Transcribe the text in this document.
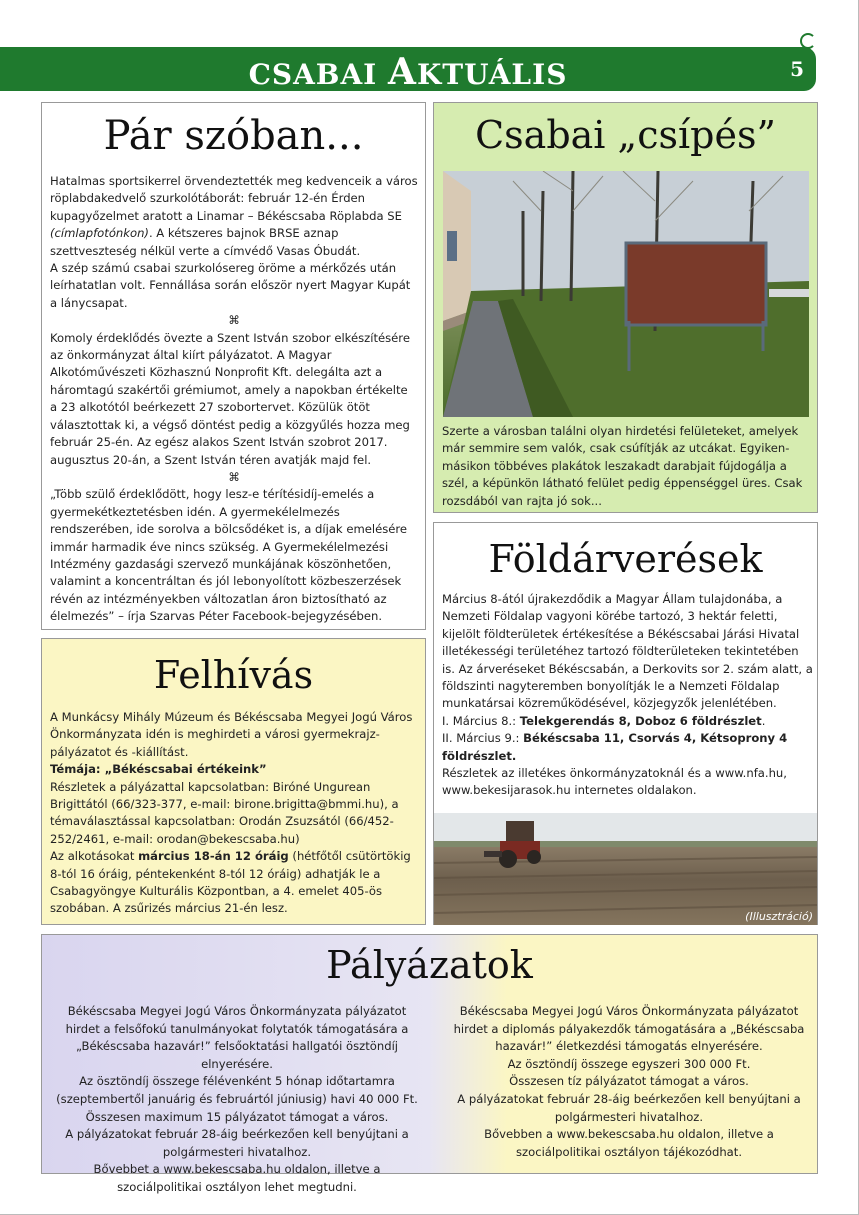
CSABAI AKTUÁLIS	5
Pár szóban...

Hatalmas sportsikerrel örvendeztették meg kedvenceik a város röplabdakedvelő szurkolótáborát: február 12-én Érden kupagyőzelmet aratott a Linamar – Békéscsaba Röplabda SE (címlapfotónkon). A kétszeres bajnok BRSE aznap szettveszteség nélkül verte a címvédő Vasas Óbudát.

A szép számú csabai szurkolósereg öröme a mérkőzés után leírhatatlan volt. Fennállása során először nyert Magyar Kupát a lánycsapat.

⌘

Komoly érdeklődés övezte a Szent István szobor elkészítésére az önkormányzat által kiírt pályázatot. A Magyar Alkotóművészeti Közhasznú Nonprofit Kft. delegálta azt a háromtagú szakértői grémiumot, amely a napokban értékelte a 23 alkotótól beérkezett 27 szobortervet. Közülük ötöt választottak ki, a végső döntést pedig a közgyűlés hozza meg február 25-én. Az egész alakos Szent István szobrot 2017. augusztus 20-án, a Szent István téren avatják majd fel.

⌘

„Több szülő érdeklődött, hogy lesz-e térítésidíj-emelés a gyermekétkeztetésben idén. A gyermekélelmezés rendszerében, ide sorolva a bölcsődéket is, a díjak emelésére immár harmadik éve nincs szükség. A Gyermekélelmezési Intézmény gazdasági szervező munkájának köszönhetően, valamint a koncentráltan és jól lebonyolított közbeszerzések révén az intézményekben változatlan áron biztosítható az élelmezés” – írja Szarvas Péter Facebook-bejegyzésében.

Csabai „csípés”
Szerte a városban találni olyan hirdetési felületeket, amelyek már semmire sem valók, csak csúfítják az utcákat. Egyiken-másikon többéves plakátok leszakadt darabjait fújdogálja a szél, a képünkön látható felület pedig éppenséggel üres. Csak rozsdából van rajta jó sok...
Földárverések

Március 8-ától újrakezdődik a Magyar Állam tulajdonába, a Nemzeti Földalap vagyoni körébe tartozó, 3 hektár feletti, kijelölt földterületek értékesítése a Békéscsabai Járási Hivatal illetékességi területéhez tartozó földterületeken tekintetében is. Az árveréseket Békéscsabán, a Derkovits sor 2. szám alatt, a földszinti nagyteremben bonyolítják le a Nemzeti Földalap munkatársai közreműködésével, közjegyzők jelenlétében.

I. Március 8.: Telekgerendás 8, Doboz 6 földrészlet.

II. Március 9.: Békéscsaba 11, Csorvás 4, Kétsoprony 4 földrészlet.

Részletek az illetékes önkormányzatoknál és a www.nfa.hu, www.bekesijarasok.hu internetes oldalakon.

(Illusztráció)
Felhívás

A Munkácsy Mihály Múzeum és Békéscsaba Megyei Jogú Város Önkormányzata idén is meghirdeti a városi gyermekrajz-pályázatot és -kiállítást.

Témája: „Békéscsabai értékeink”

Részletek a pályázattal kapcsolatban: Biróné Ungurean Brigittától (66/323-377, e-mail: birone.brigitta@bmmi.hu), a témaválasztással kapcsolatban: Orodán Zsuzsától (66/452-252/2461, e-mail: orodan@bekescsaba.hu)

Az alkotásokat március 18-án 12 óráig (hétfőtől csütörtökig 8-tól 16 óráig, péntekenként 8-tól 12 óráig) adhatják le a Csabagyöngye Kulturális Központban, a 4. emelet 405-ös szobában. A zsűrizés március 21-én lesz.

Pályázatok

Békéscsaba Megyei Jogú Város Önkormányzata pályázatot hirdet a felsőfokú tanulmányokat folytatók támogatására a „Békéscsaba hazavár!” felsőoktatási hallgatói ösztöndíj elnyerésére.

Az ösztöndíj összege félévenként 5 hónap időtartamra (szeptembertől januárig és februártól júniusig) havi 40 000 Ft.

Összesen maximum 15 pályázatot támogat a város.

A pályázatokat február 28-áig beérkezően kell benyújtani a polgármesteri hivatalhoz.

Bővebbet a www.bekescsaba.hu oldalon, illetve a szociálpolitikai osztályon lehet megtudni.

Békéscsaba Megyei Jogú Város Önkormányzata pályázatot hirdet a diplomás pályakezdők támogatására a „Békéscsaba hazavár!” életkezdési támogatás elnyerésére.

Az ösztöndíj összege egyszeri 300 000 Ft.

Összesen tíz pályázatot támogat a város.

A pályázatokat február 28-áig beérkezően kell benyújtani a polgármesteri hivatalhoz.

Bővebben a www.bekescsaba.hu oldalon, illetve a szociálpolitikai osztályon tájékozódhat.
